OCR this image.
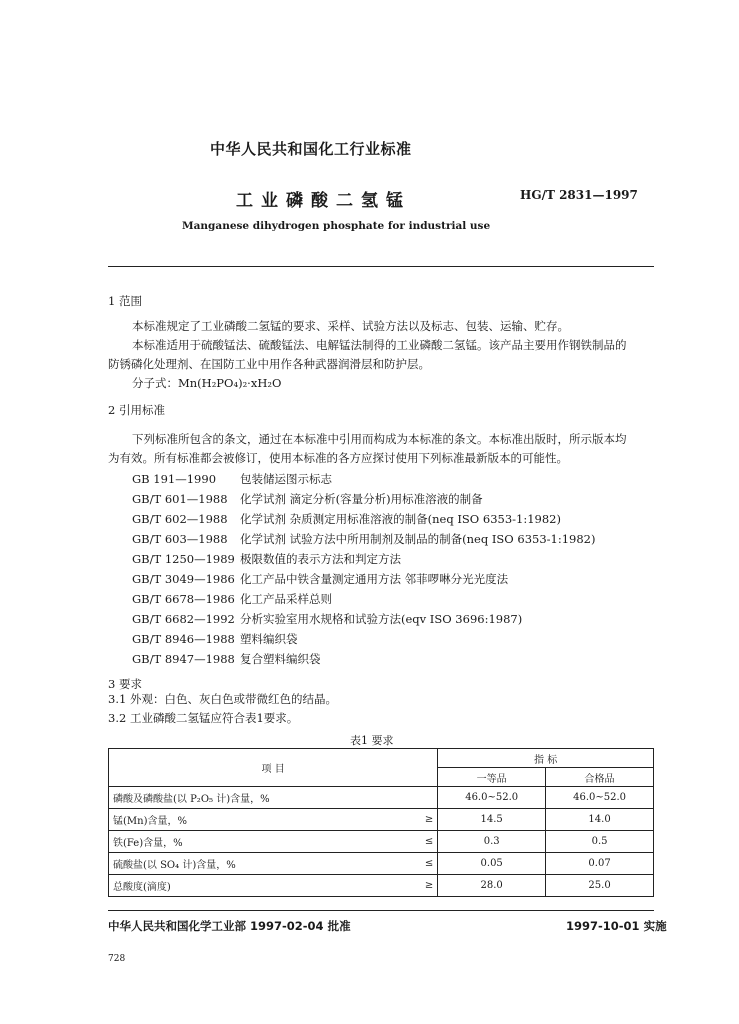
中华人民共和国化工行业标准
工业磷酸二氢锰	HG/T 2831—1997
Manganese dihydrogen phosphate for industrial use
1 范围
本标准规定了工业磷酸二氢锰的要求、采样、试验方法以及标志、包装、运输、贮存。
本标准适用于硫酸锰法、硫酸锰法、电解锰法制得的工业磷酸二氢锰。该产品主要用作钢铁制品的
防锈磷化处理剂、在国防工业中用作各种武器润滑层和防护层。
分子式：Mn(H₂PO₄)₂·xH₂O
2 引用标准
下列标准所包含的条文，通过在本标准中引用而构成为本标准的条文。本标准出版时，所示版本均
为有效。所有标准都会被修订，使用本标准的各方应探讨使用下列标准最新版本的可能性。
GB 191—1990 包装储运图示标志
GB/T 601—1988 化学试剂 滴定分析(容量分析)用标准溶液的制备
GB/T 602—1988 化学试剂 杂质测定用标准溶液的制备(neq ISO 6353-1:1982)
GB/T 603—1988 化学试剂 试验方法中所用制剂及制品的制备(neq ISO 6353-1:1982)
GB/T 1250—1989 极限数值的表示方法和判定方法
GB/T 3049—1986 化工产品中铁含量测定通用方法 邻菲啰啉分光光度法
GB/T 6678—1986 化工产品采样总则
GB/T 6682—1992 分析实验室用水规格和试验方法(eqv ISO 3696:1987)
GB/T 8946—1988 塑料编织袋
GB/T 8947—1988 复合塑料编织袋
3 要求
3.1 外观：白色、灰白色或带微红色的结晶。
3.2 工业磷酸二氢锰应符合表1要求。
表1 要求
项 目		指 标	
		一等品	合格品
磷酸及磷酸盐(以 P₂O₅ 计)含量，%		46.0~52.0	46.0~52.0
锰(Mn)含量，%	≥	14.5	14.0
铁(Fe)含量，%	≤	0.3	0.5
硫酸盐(以 SO₄ 计)含量，%	≤	0.05	0.07
总酸度(滴度)	≥	28.0	25.0
中华人民共和国化学工业部 1997-02-04 批准	1997-10-01 实施
728
